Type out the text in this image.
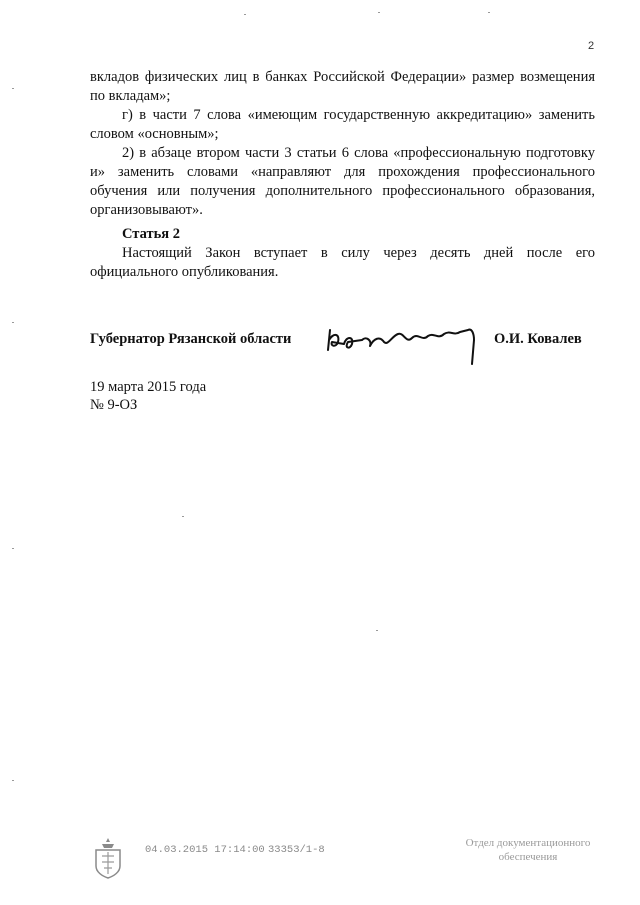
2

вкладов физических лиц в банках Российской Федерации» размер возмещения по вкладам»;

г) в части 7 слова «имеющим государственную аккредитацию» заменить словом «основным»;

2) в абзаце втором части 3 статьи 6 слова «профессиональную подготовку и» заменить словами «направляют для прохождения профессионального обучения или получения дополнительного профессионального образования, организовывают».

Статья 2

Настоящий Закон вступает в силу через десять дней после его официального опубликования.

Губернатор Рязанской области	О.И. Ковалев
19 марта 2015 года
№ 9-ОЗ
04.03.2015 17:14:00 33353/1-8
Отдел документационного
обеспечения
